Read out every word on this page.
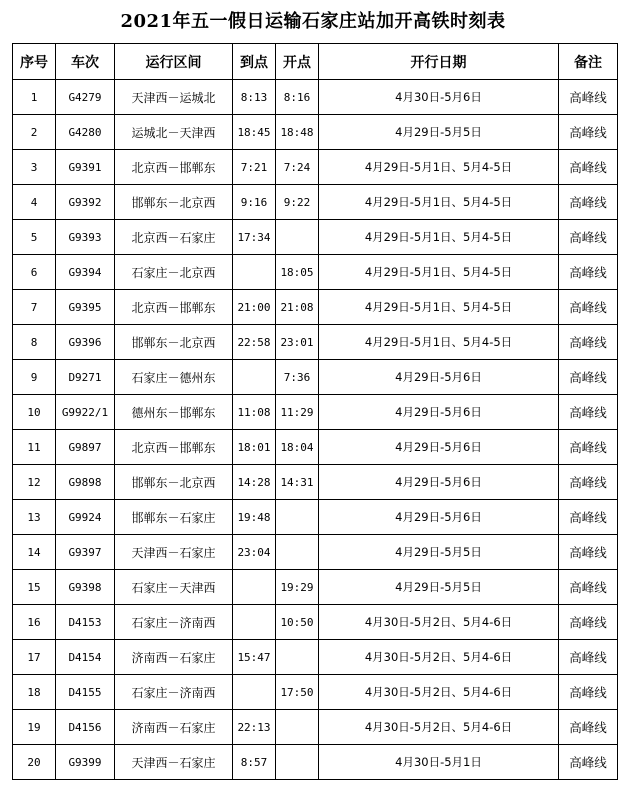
2021年五一假日运输石家庄站加开高铁时刻表
序号	车次	运行区间	到点	开点	开行日期	备注
1	G4279	天津西－运城北	8:13	8:16	4月30日-5月6日	高峰线
2	G4280	运城北－天津西	18:45	18:48	4月29日-5月5日	高峰线
3	G9391	北京西－邯郸东	7:21	7:24	4月29日-5月1日、5月4-5日	高峰线
4	G9392	邯郸东－北京西	9:16	9:22	4月29日-5月1日、5月4-5日	高峰线
5	G9393	北京西－石家庄	17:34		4月29日-5月1日、5月4-5日	高峰线
6	G9394	石家庄－北京西		18:05	4月29日-5月1日、5月4-5日	高峰线
7	G9395	北京西－邯郸东	21:00	21:08	4月29日-5月1日、5月4-5日	高峰线
8	G9396	邯郸东－北京西	22:58	23:01	4月29日-5月1日、5月4-5日	高峰线
9	D9271	石家庄－德州东		7:36	4月29日-5月6日	高峰线
10	G9922/1	德州东－邯郸东	11:08	11:29	4月29日-5月6日	高峰线
11	G9897	北京西－邯郸东	18:01	18:04	4月29日-5月6日	高峰线
12	G9898	邯郸东－北京西	14:28	14:31	4月29日-5月6日	高峰线
13	G9924	邯郸东－石家庄	19:48		4月29日-5月6日	高峰线
14	G9397	天津西－石家庄	23:04		4月29日-5月5日	高峰线
15	G9398	石家庄－天津西		19:29	4月29日-5月5日	高峰线
16	D4153	石家庄－济南西		10:50	4月30日-5月2日、5月4-6日	高峰线
17	D4154	济南西－石家庄	15:47		4月30日-5月2日、5月4-6日	高峰线
18	D4155	石家庄－济南西		17:50	4月30日-5月2日、5月4-6日	高峰线
19	D4156	济南西－石家庄	22:13		4月30日-5月2日、5月4-6日	高峰线
20	G9399	天津西－石家庄	8:57		4月30日-5月1日	高峰线
